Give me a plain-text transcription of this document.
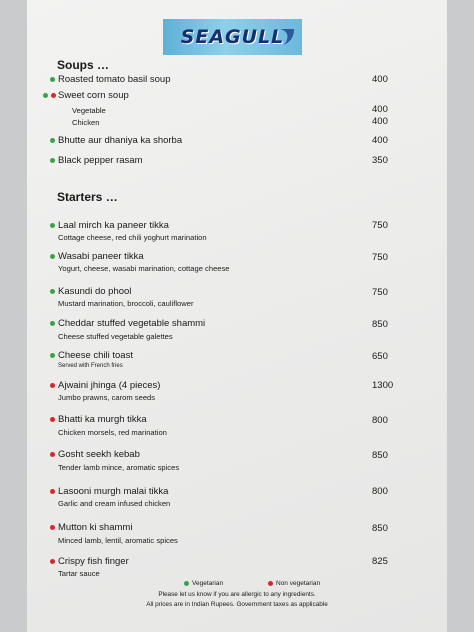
SEAGULL
Soups …
Roasted tomato basil soup	400
Sweet corn soup
Vegetable	400
Chicken	400
Bhutte aur dhaniya ka shorba	400
Black pepper rasam	350
Starters …
Laal mirch ka paneer tikka
Cottage cheese, red chili yoghurt marination
750
Wasabi paneer tikka
Yogurt, cheese, wasabi marination, cottage cheese
750
Kasundi do phool
Mustard marination, broccoli, cauliflower
750
Cheddar stuffed vegetable shammi
Cheese stuffed vegetable galettes
850
Cheese chili toast
Served with French fries
650
Ajwaini jhinga (4 pieces)
Jumbo prawns, carom seeds
1300
Bhatti ka murgh tikka
Chicken morsels, red marination
800
Gosht seekh kebab
Tender lamb mince, aromatic spices
850
Lasooni murgh malai tikka
Garlic and cream infused chicken
800
Mutton ki shammi
Minced lamb, lentil, aromatic spices
850
Crispy fish finger
Tartar sauce
825
Vegetarian	Non vegetarian
Please let us know if you are allergic to any ingredients.
All prices are in Indian Rupees. Government taxes as applicable
